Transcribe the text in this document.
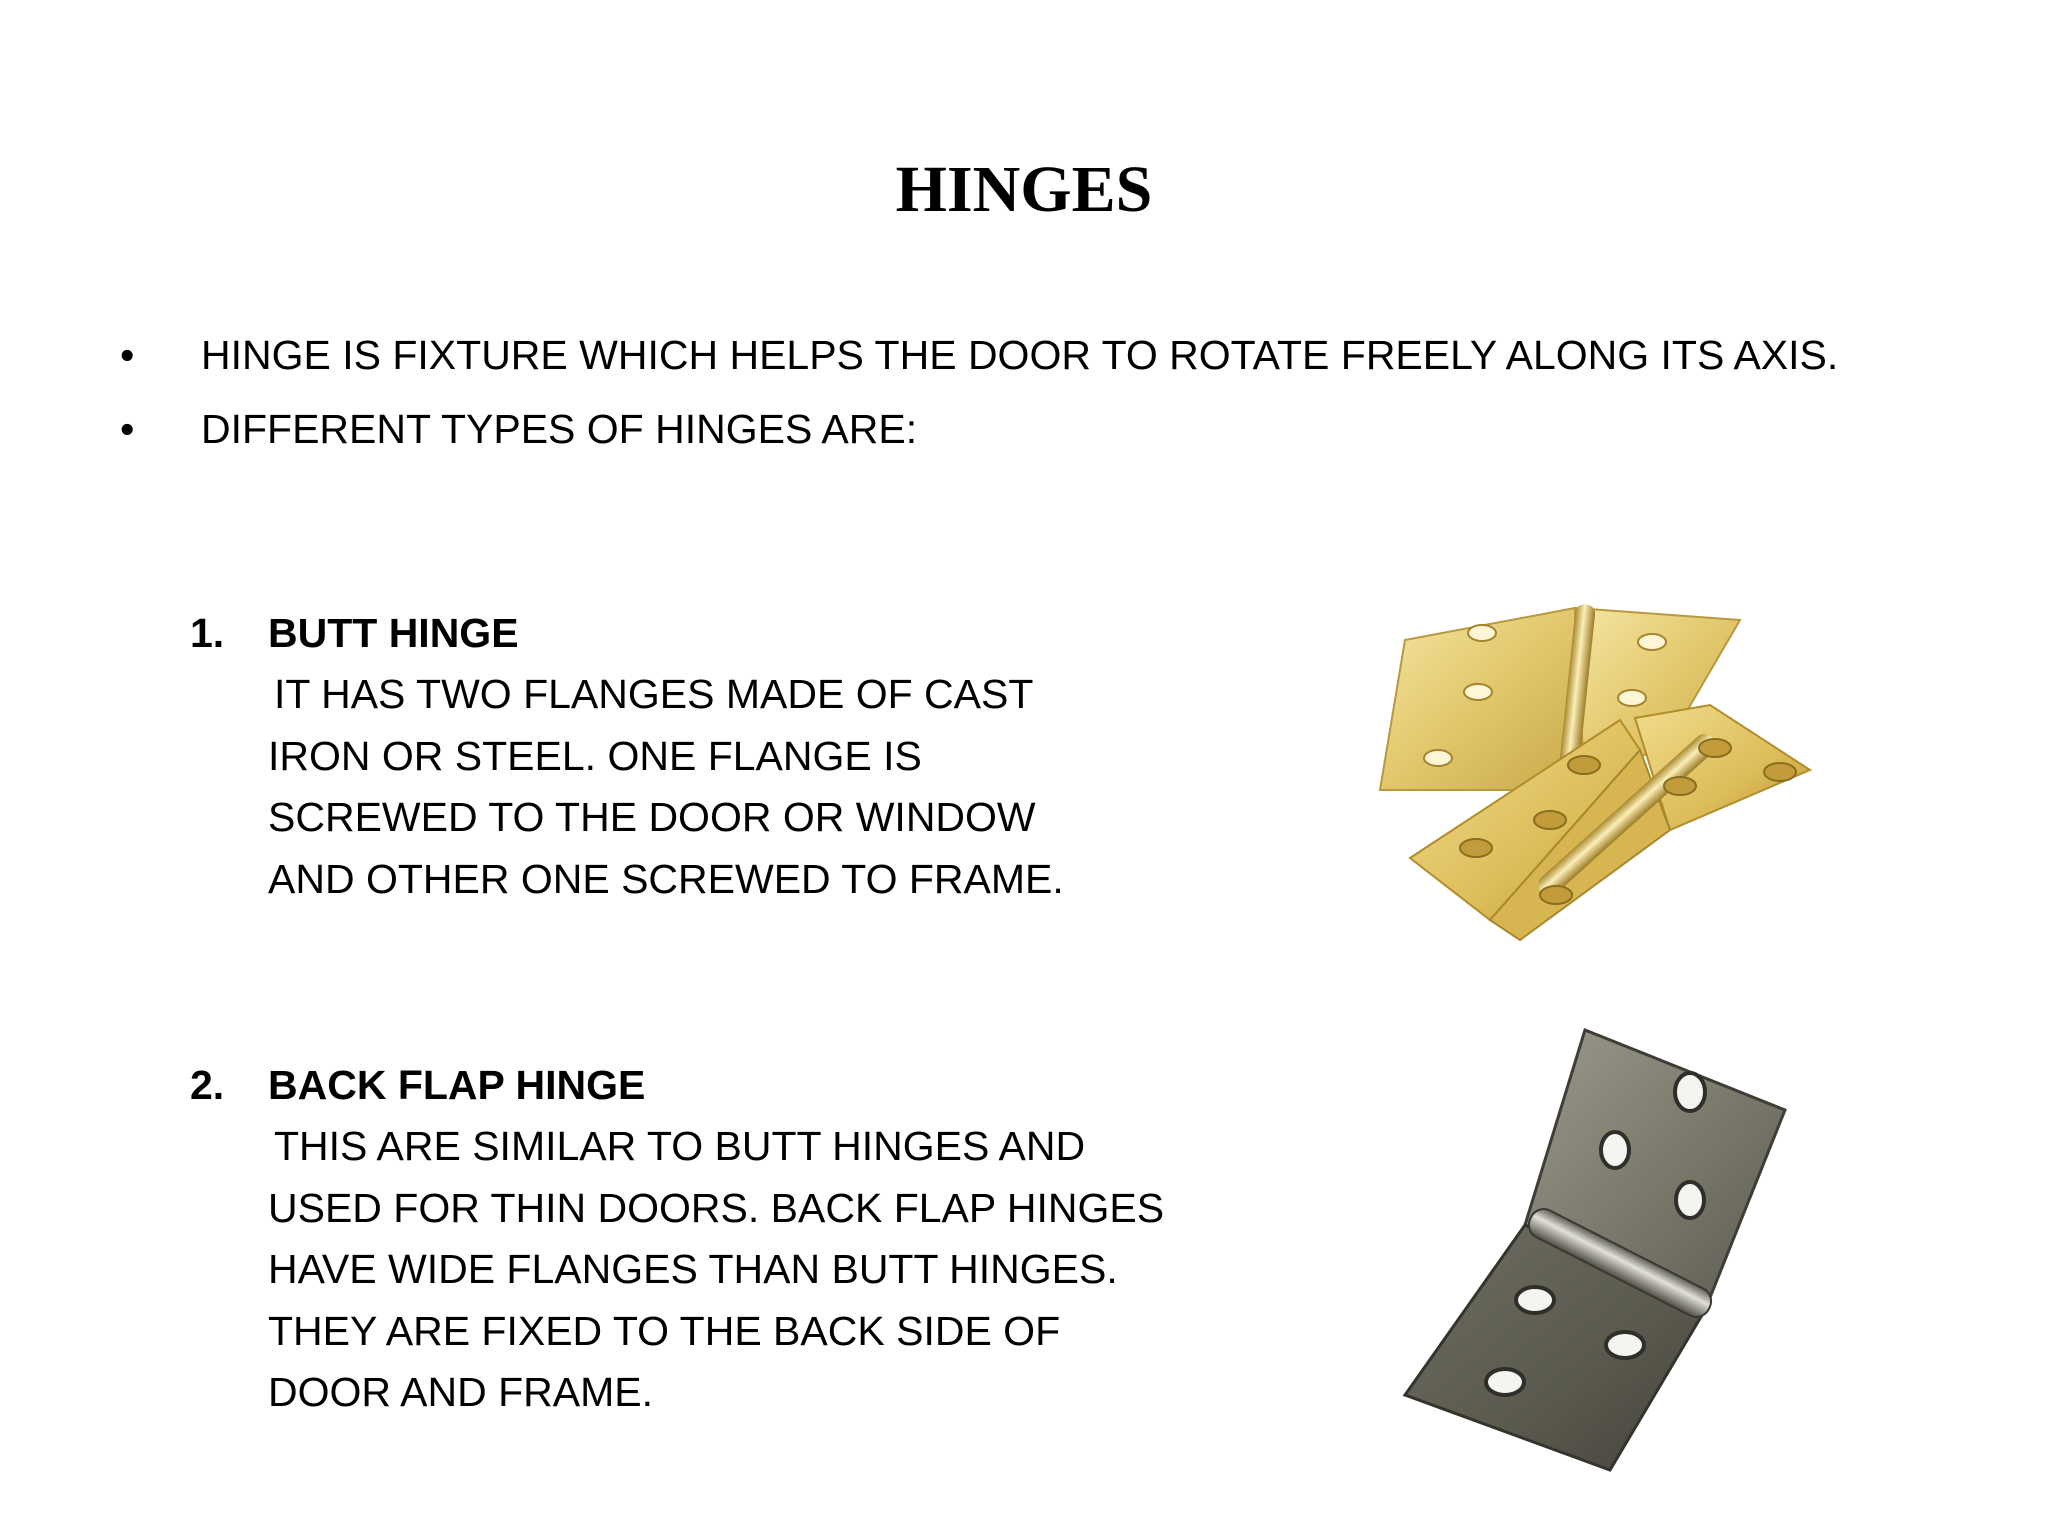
HINGES
• HINGE IS FIXTURE WHICH HELPS THE DOOR TO ROTATE FREELY ALONG ITS AXIS.
• DIFFERENT TYPES OF HINGES ARE:
1. BUTT HINGE
IT HAS TWO FLANGES MADE OF CAST
IRON OR STEEL. ONE FLANGE IS
SCREWED TO THE DOOR OR WINDOW
AND OTHER ONE SCREWED TO FRAME.
2. BACK FLAP HINGE
THIS ARE SIMILAR TO BUTT HINGES AND
USED FOR THIN DOORS. BACK FLAP HINGES
HAVE WIDE FLANGES THAN BUTT HINGES.
THEY ARE FIXED TO THE BACK SIDE OF
DOOR AND FRAME.
